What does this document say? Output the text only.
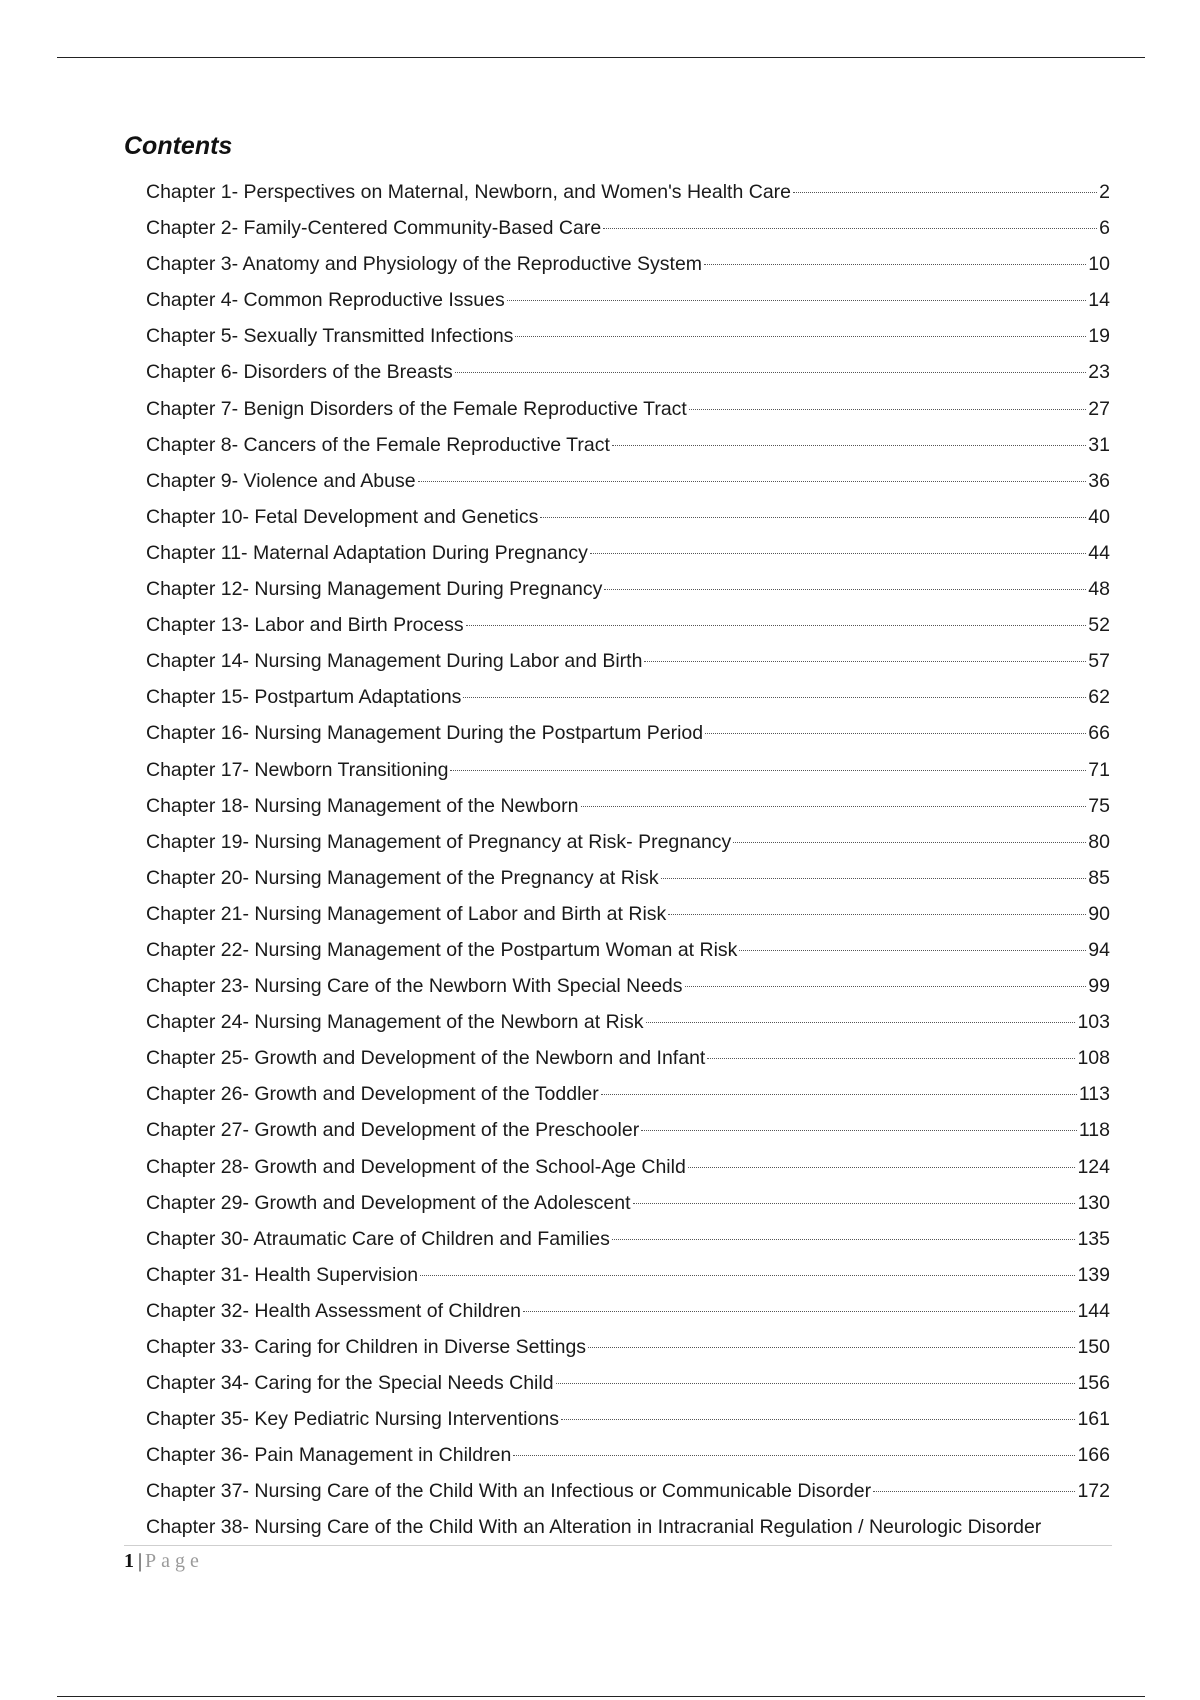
Contents
Chapter 1- Perspectives on Maternal, Newborn, and Women's Health Care	2
Chapter 2- Family-Centered Community-Based Care	6
Chapter 3- Anatomy and Physiology of the Reproductive System	10
Chapter 4- Common Reproductive Issues	14
Chapter 5- Sexually Transmitted Infections	19
Chapter 6- Disorders of the Breasts	23
Chapter 7- Benign Disorders of the Female Reproductive Tract	27
Chapter 8- Cancers of the Female Reproductive Tract	31
Chapter 9- Violence and Abuse	36
Chapter 10- Fetal Development and Genetics	40
Chapter 11- Maternal Adaptation During Pregnancy	44
Chapter 12- Nursing Management During Pregnancy	48
Chapter 13- Labor and Birth Process	52
Chapter 14- Nursing Management During Labor and Birth	57
Chapter 15- Postpartum Adaptations	62
Chapter 16- Nursing Management During the Postpartum Period	66
Chapter 17- Newborn Transitioning	71
Chapter 18- Nursing Management of the Newborn	75
Chapter 19- Nursing Management of Pregnancy at Risk- Pregnancy	80
Chapter 20- Nursing Management of the Pregnancy at Risk	85
Chapter 21- Nursing Management of Labor and Birth at Risk	90
Chapter 22- Nursing Management of the Postpartum Woman at Risk	94
Chapter 23- Nursing Care of the Newborn With Special Needs	99
Chapter 24- Nursing Management of the Newborn at Risk	103
Chapter 25- Growth and Development of the Newborn and Infant	108
Chapter 26- Growth and Development of the Toddler	113
Chapter 27- Growth and Development of the Preschooler	118
Chapter 28- Growth and Development of the School-Age Child	124
Chapter 29- Growth and Development of the Adolescent	130
Chapter 30- Atraumatic Care of Children and Families	135
Chapter 31- Health Supervision	139
Chapter 32- Health Assessment of Children	144
Chapter 33- Caring for Children in Diverse Settings	150
Chapter 34- Caring for the Special Needs Child	156
Chapter 35- Key Pediatric Nursing Interventions	161
Chapter 36- Pain Management in Children	166
Chapter 37- Nursing Care of the Child With an Infectious or Communicable Disorder	172
Chapter 38- Nursing Care of the Child With an Alteration in Intracranial Regulation / Neurologic Disorder
1 | Page
